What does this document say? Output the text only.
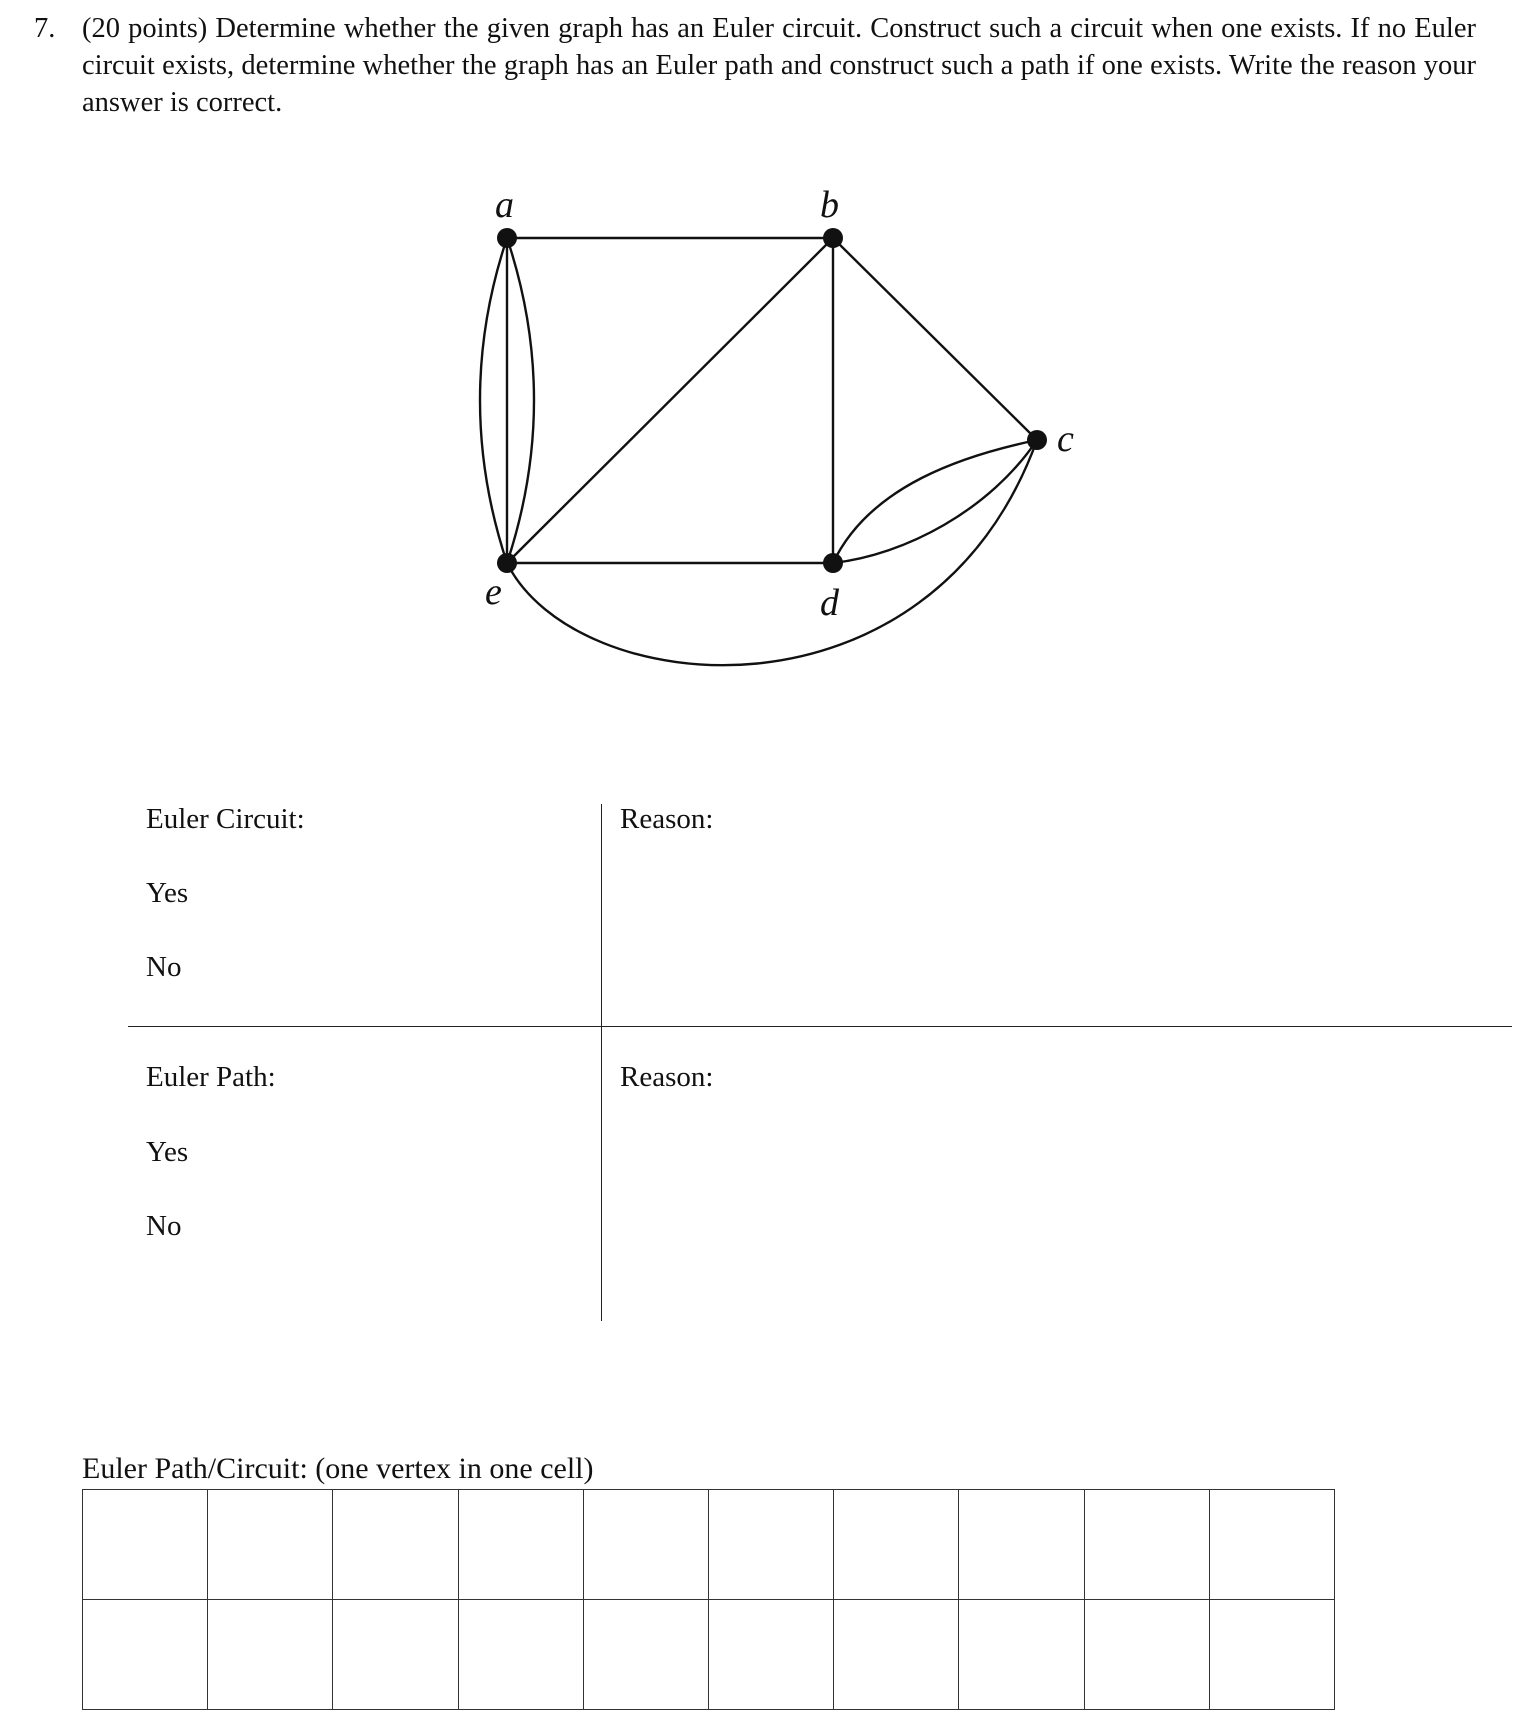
7. (20 points) Determine whether the given graph has an Euler circuit. Construct such a circuit when one exists. If no Euler circuit exists, determine whether the graph has an Euler path and construct such a path if one exists. Write the reason your answer is correct.
a	b
c
d
e
Euler Circuit:
Yes
No
Reason:
Euler Path:
Yes
No
Reason:
Euler Path/Circuit: (one vertex in one cell)
